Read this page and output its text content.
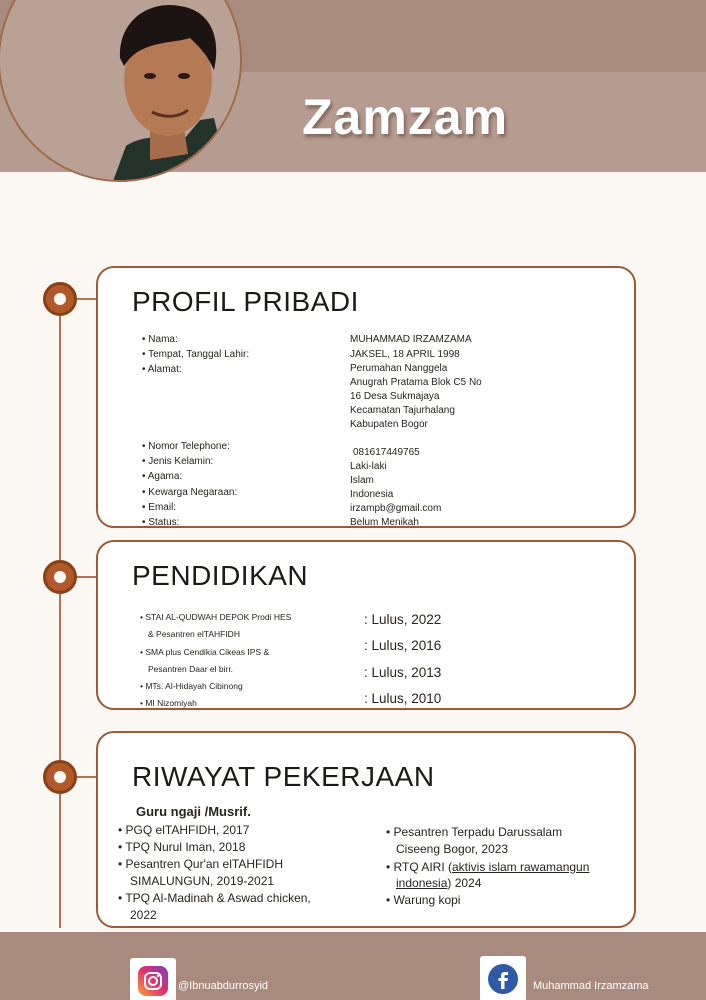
Zamzam
PROFIL PRIBADI
• Nama:
• Tempat, Tanggal Lahir:
• Alamat:
MUHAMMAD IRZAMZAMA
JAKSEL, 18 APRIL 1998
Perumahan Nanggela
Anugrah Pratama Blok C5 No
16 Desa Sukmajaya
Kecamatan Tajurhalang
Kabupaten Bogor
• Nomor Telephone:
• Jenis Kelamin:
• Agama:
• Kewarga Negaraan:
• Email:
• Status:
081617449765
Laki-laki
Islam
Indonesia
irzampb@gmail.com
Belum Menikah
PENDIDIKAN
• STAI AL-QUDWAH DEPOK Prodi HES
& Pesantren elTAHFIDH
• SMA plus Cendikia Cikeas IPS &
Pesantren Daar el birr.
• MTs. Al-Hidayah Cibinong
• MI Nizomiyah
: Lulus, 2022
: Lulus, 2016
: Lulus, 2013
: Lulus, 2010
RIWAYAT PEKERJAAN
Guru ngaji /Musrif.
• PGQ elTAHFIDH, 2017
• TPQ Nurul Iman, 2018
• Pesantren Qur'an elTAHFIDH
SIMALUNGUN, 2019-2021
• TPQ Al-Madinah & Aswad chicken,
2022
• Pesantren Terpadu Darussalam
Ciseeng Bogor, 2023
• RTQ AIRI (aktivis islam rawamangun
indonesia) 2024
• Warung kopi
@Ibnuabdurrosyid	Muhammad Irzamzama
